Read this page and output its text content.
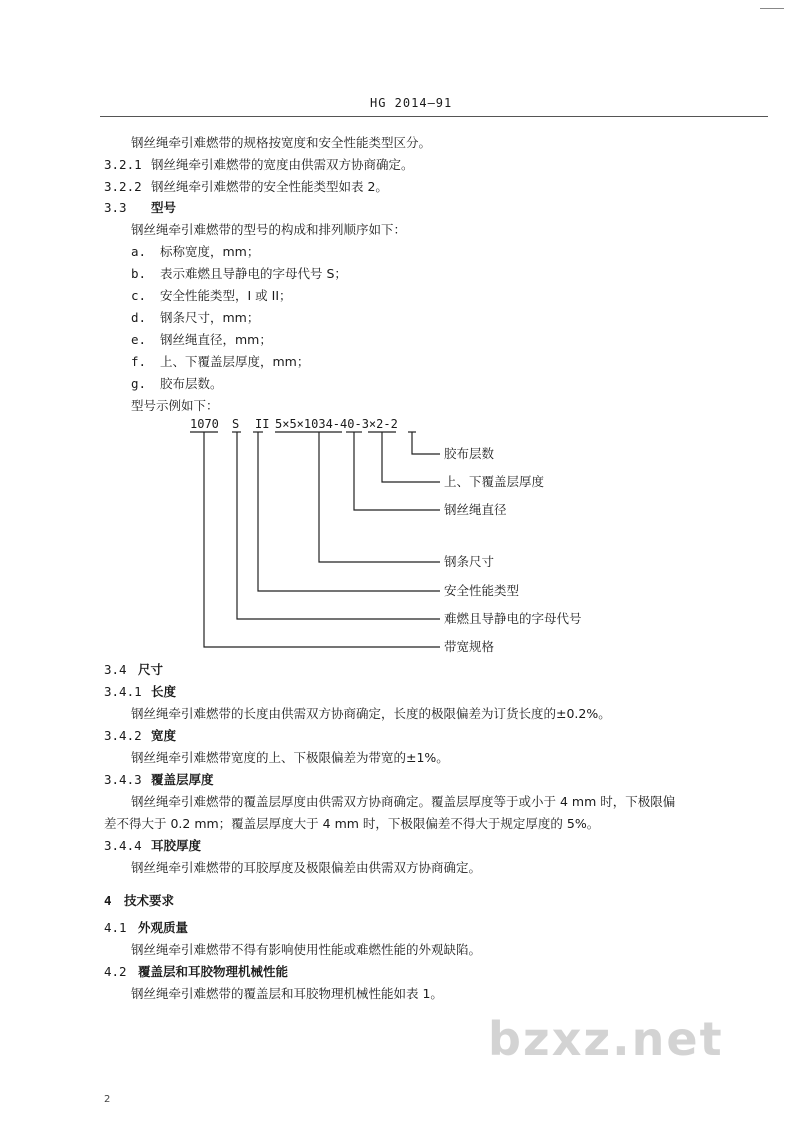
HG 2014—91
钢丝绳牵引难燃带的规格按宽度和安全性能类型区分。
3.2.1 钢丝绳牵引难燃带的宽度由供需双方协商确定。
3.2.2 钢丝绳牵引难燃带的安全性能类型如表 2。
3.3 型号
钢丝绳牵引难燃带的型号的构成和排列顺序如下：
a. 标称宽度，mm；
b. 表示难燃且导静电的字母代号 S；
c. 安全性能类型，I 或 II；
d. 钢条尺寸，mm；
e. 钢丝绳直径，mm；
f. 上、下覆盖层厚度，mm；
g. 胶布层数。
型号示例如下：
1070 S II 5×5×1034-40-3×2-2
胶布层数
上、下覆盖层厚度
钢丝绳直径
钢条尺寸
安全性能类型
难燃且导静电的字母代号
带宽规格
3.4 尺寸
3.4.1 长度
钢丝绳牵引难燃带的长度由供需双方协商确定，长度的极限偏差为订货长度的±0.2%。
3.4.2 宽度
钢丝绳牵引难燃带宽度的上、下极限偏差为带宽的±1%。
3.4.3 覆盖层厚度
钢丝绳牵引难燃带的覆盖层厚度由供需双方协商确定。覆盖层厚度等于或小于 4 mm 时，下极限偏
差不得大于 0.2 mm；覆盖层厚度大于 4 mm 时，下极限偏差不得大于规定厚度的 5%。
3.4.4 耳胶厚度
钢丝绳牵引难燃带的耳胶厚度及极限偏差由供需双方协商确定。
4 技术要求
4.1 外观质量
钢丝绳牵引难燃带不得有影响使用性能或难燃性能的外观缺陷。
4.2 覆盖层和耳胶物理机械性能
钢丝绳牵引难燃带的覆盖层和耳胶物理机械性能如表 1。
bzxz.net
2
